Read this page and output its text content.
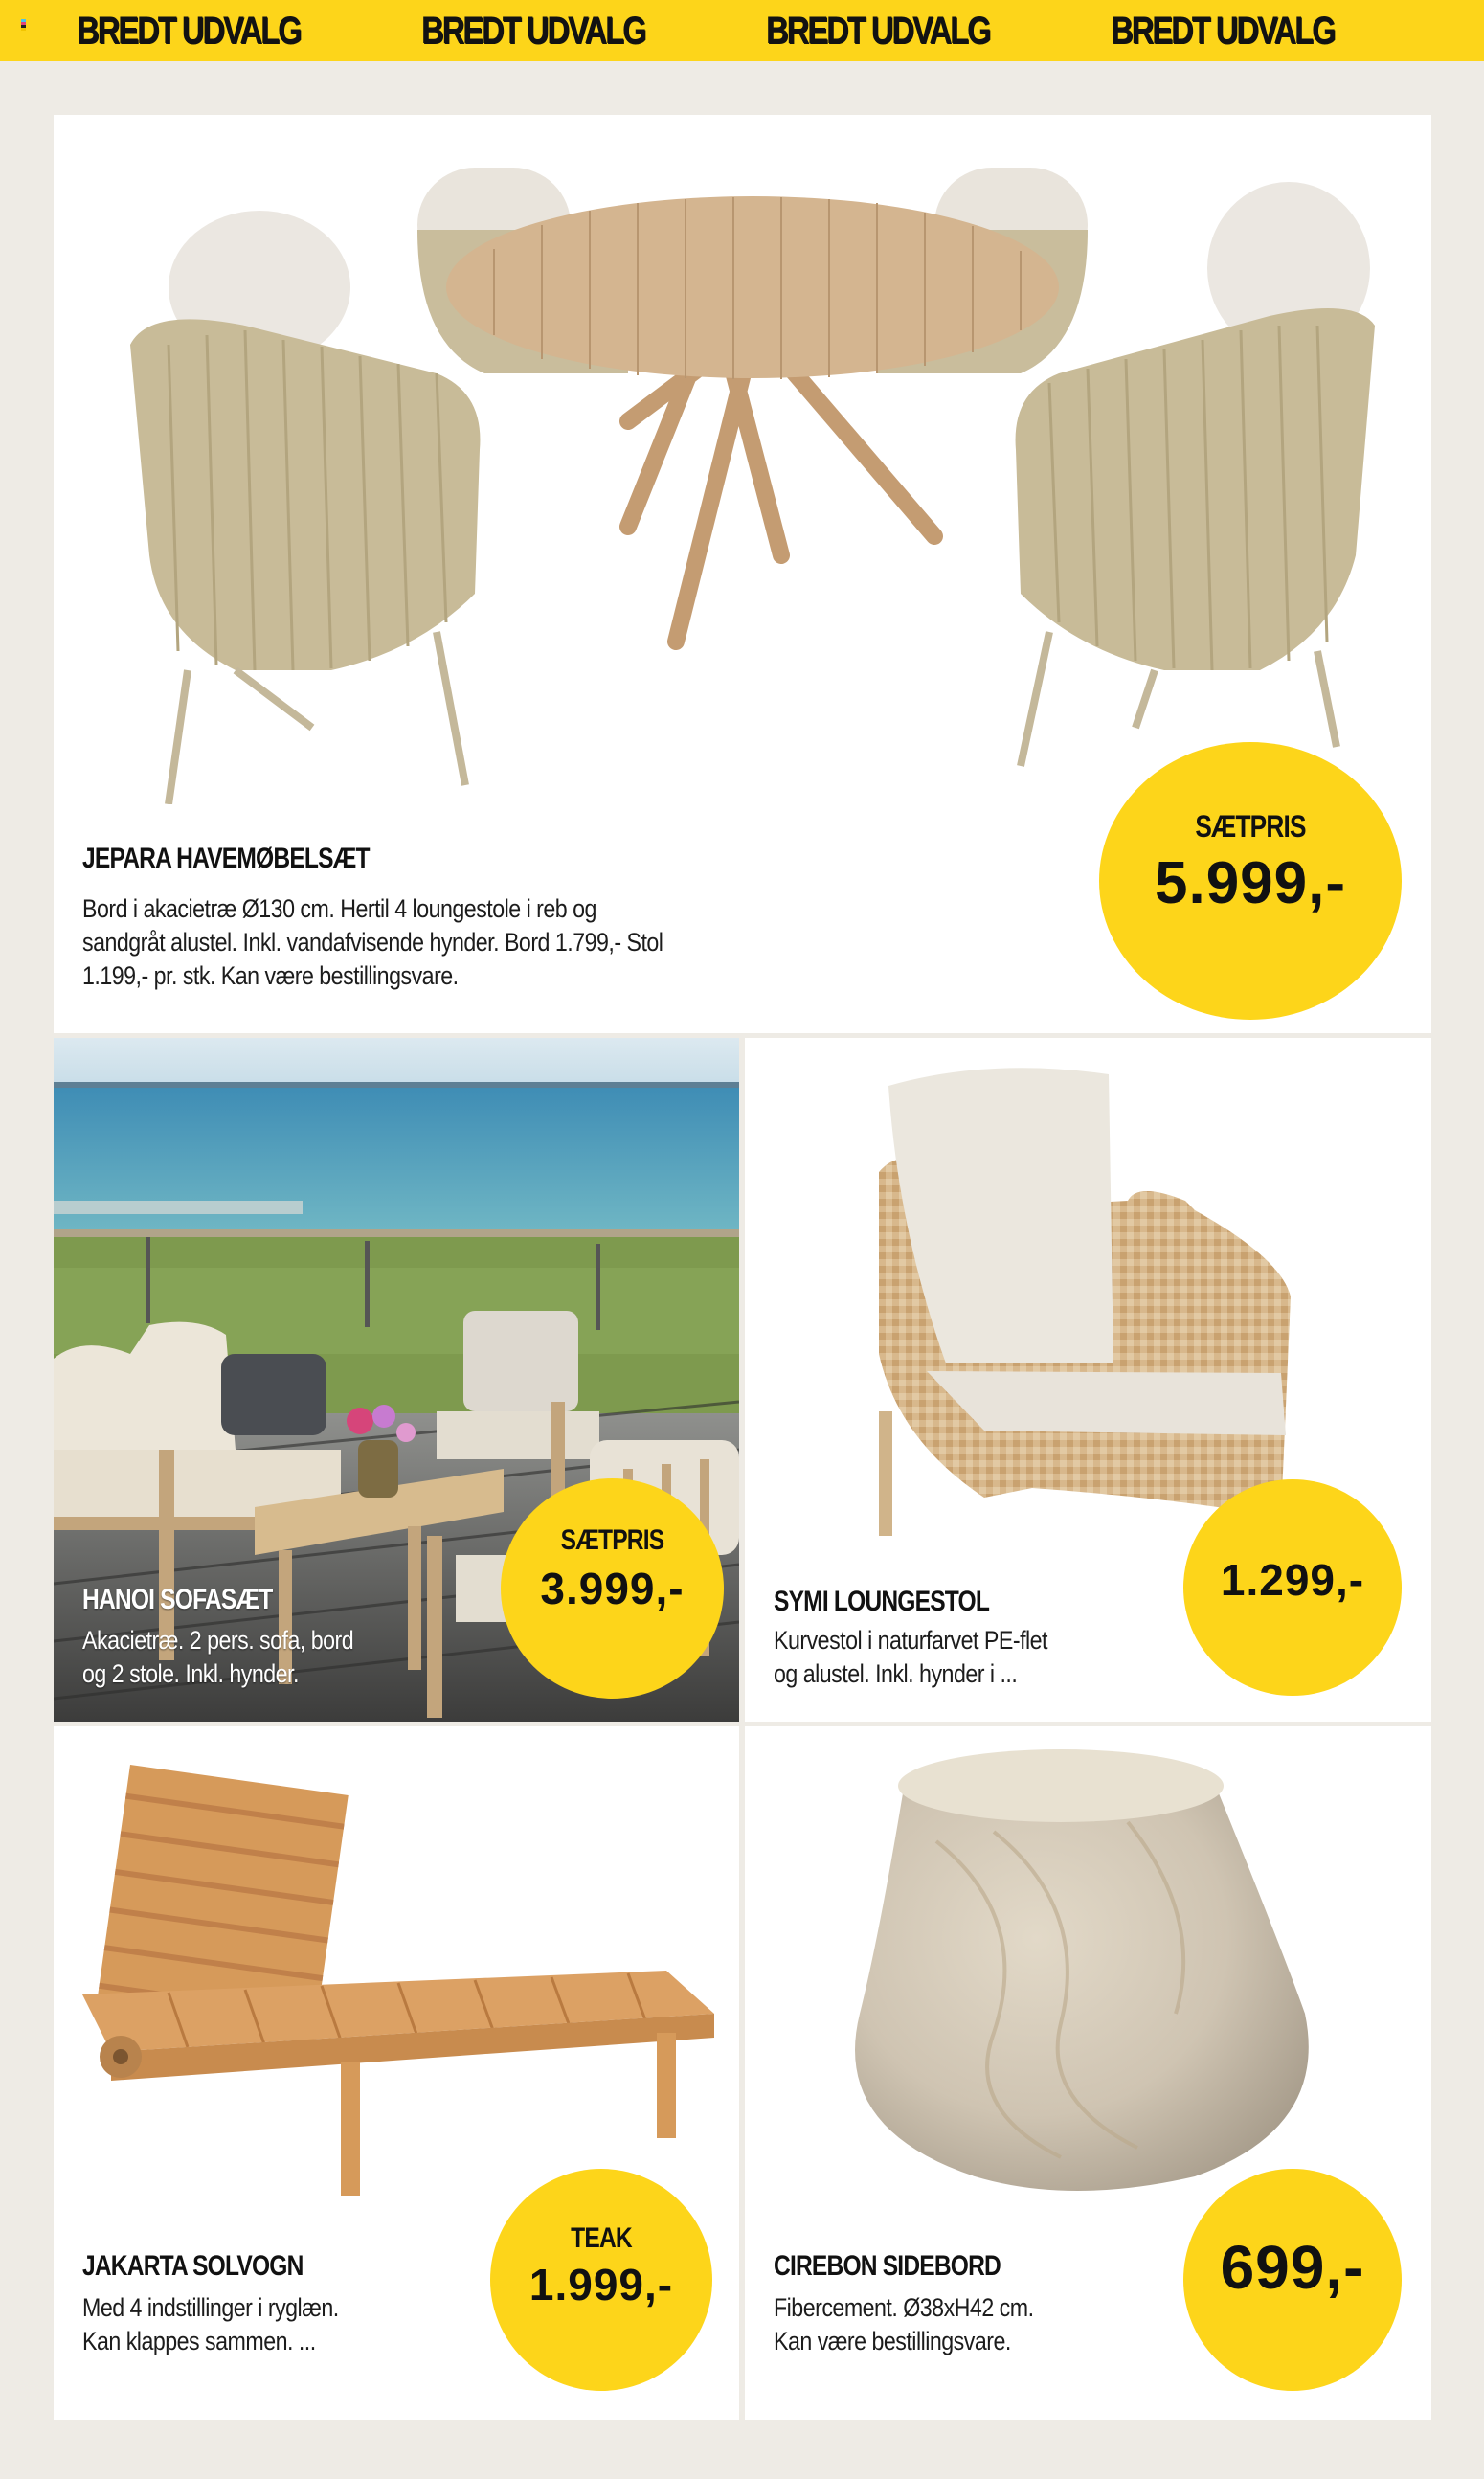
BREDT UDVALG	BREDT UDVALG	BREDT UDVALG	BREDT UDVALG
JEPARA HAVEMØBELSÆT
Bord i akacietræ Ø130 cm. Hertil 4 loungestole i reb og
sandgråt alustel. Inkl. vandafvisende hynder. Bord 1.799,- Stol
1.199,- pr. stk. Kan være bestillingsvare.
SÆTPRIS
5.999,-
HANOI SOFASÆT
Akacietræ. 2 pers. sofa, bord
og 2 stole. Inkl. hynder.
SÆTPRIS
3.999,-	SYMI LOUNGESTOL
Kurvestol i naturfarvet PE-flet
og alustel. Inkl. hynder i ...
1.299,-
JAKARTA SOLVOGN
Med 4 indstillinger i ryglæn.
Kan klappes sammen. ...
TEAK
1.999,-	CIREBON SIDEBORD
Fibercement. Ø38xH42 cm.
Kan være bestillingsvare.
699,-
